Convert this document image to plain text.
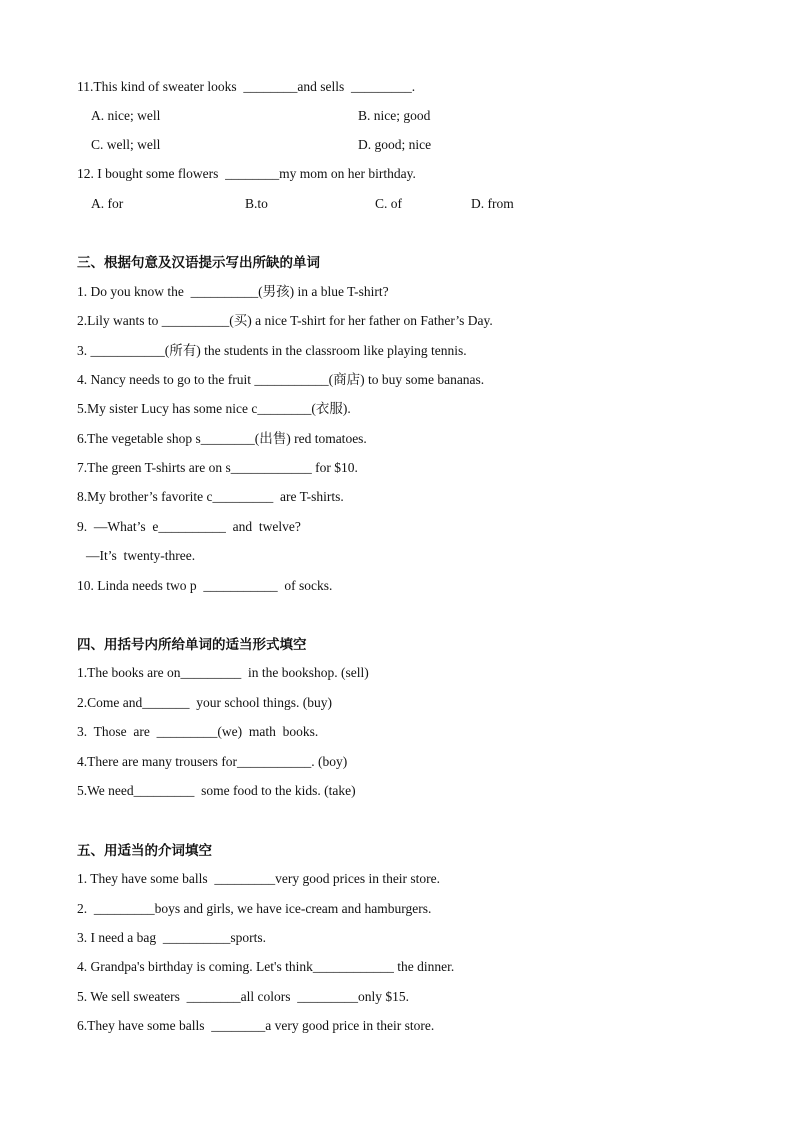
11.This kind of sweater looks  ________and sells  _________.
A. nice; well	B. nice; good
C. well; well	D. good; nice
12. I bought some flowers  ________my mom on her birthday.
A. for	B.to	C. of	D. from
三、根据句意及汉语提示写出所缺的单词
1. Do you know the  __________(男孩) in a blue T-shirt?
2.Lily wants to __________(买) a nice T-shirt for her father on Father’s Day.
3. ___________(所有) the students in the classroom like playing tennis.
4. Nancy needs to go to the fruit ___________(商店) to buy some bananas.
5.My sister Lucy has some nice c________(衣服).
6.The vegetable shop s________(出售) red tomatoes.
7.The green T-shirts are on s____________ for $10.
8.My brother’s favorite c_________  are T-shirts.
9.  —What’s  e__________  and  twelve?
—It’s  twenty-three.
10. Linda needs two p  ___________  of socks.
四、用括号内所给单词的适当形式填空
1.The books are on_________  in the bookshop. (sell)
2.Come and_______  your school things. (buy)
3.  Those  are  _________(we)  math  books.
4.There are many trousers for___________. (boy)
5.We need_________  some food to the kids. (take)
五、用适当的介词填空
1. They have some balls  _________very good prices in their store.
2.  _________boys and girls, we have ice-cream and hamburgers.
3. I need a bag  __________sports.
4. Grandpa's birthday is coming. Let's think____________ the dinner.
5. We sell sweaters  ________all colors  _________only $15.
6.They have some balls  ________a very good price in their store.
